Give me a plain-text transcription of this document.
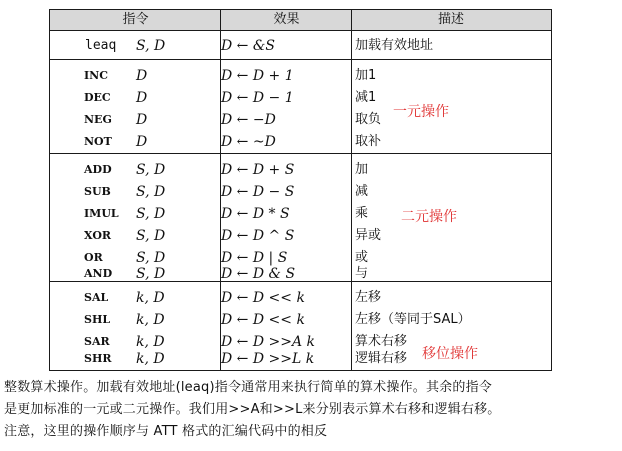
指令	效果	描述
leaq S, D	D ← &S	加载有效地址
INC D	D ← D + 1	加1
DEC D	D ← D − 1	减1
NEG D	D ← −D	取负
NOT D	D ← ~D	取补
ADD S, D	D ← D + S	加
SUB S, D	D ← D − S	减
IMUL S, D	D ← D * S	乘
XOR S, D	D ← D ^ S	异或
OR S, D	D ← D | S	或
AND S, D	D ← D & S	与
SAL k, D	D ← D << k	左移
SHL k, D	D ← D << k	左移（等同于SAL）
SAR k, D	D ← D >>A k	算术右移
SHR k, D	D ← D >>L k	逻辑右移
一元操作
二元操作
移位操作
整数算术操作。加载有效地址(leaq)指令通常用来执行简单的算术操作。其余的指令
是更加标准的一元或二元操作。我们用>>A和>>L来分别表示算术右移和逻辑右移。
注意，这里的操作顺序与 ATT 格式的汇编代码中的相反
